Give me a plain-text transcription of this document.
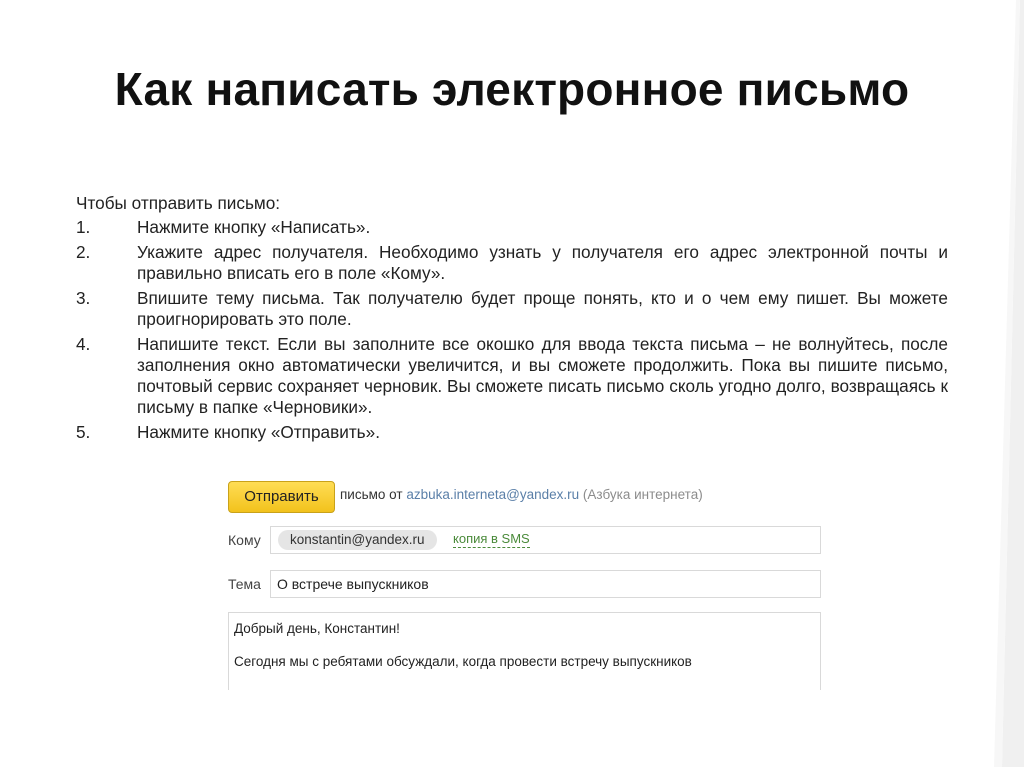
Как написать электронное письмо

Чтобы отправить письмо:

1.	Нажмите кнопку «Написать».
2.	Укажите адрес получателя. Необходимо узнать у получателя его адрес электронной почты и правильно вписать его в поле «Кому».
3.	Впишите тему письма. Так получателю будет проще понять, кто и о чем ему пишет. Вы можете проигнорировать это поле.
4.	Напишите текст. Если вы заполните все окошко для ввода текста письма – не волнуйтесь, после заполнения окно автоматически увеличится, и вы сможете продолжить. Пока вы пишите письмо, почтовый сервис сохраняет черновик. Вы сможете писать письмо сколь угодно долго, возвращаясь к письму в папке «Черновики».
5.	Нажмите кнопку «Отправить».
Отправить	письмо от azbuka.interneta@yandex.ru (Азбука интернета)
Кому	konstantin@yandex.ru	копия в SMS
Тема	О встрече выпускников

Добрый день, Константин!

Сегодня мы с ребятами обсуждали, когда провести встречу выпускников
